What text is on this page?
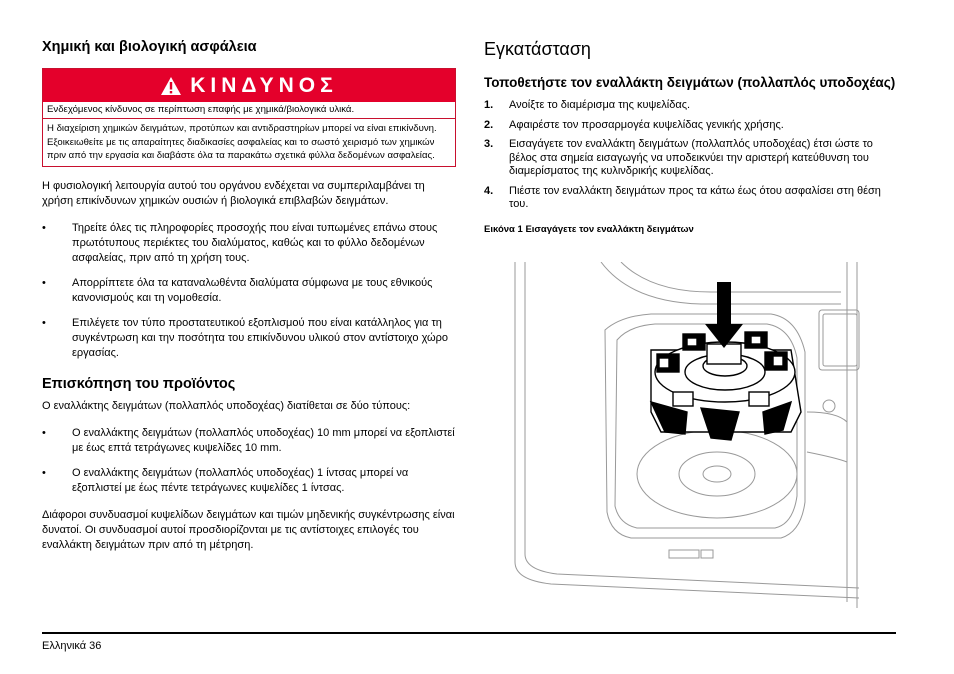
Χημική και βιολογική ασφάλεια
ΚΙΝΔΥΝΟΣ
Ενδεχόμενος κίνδυνος σε περίπτωση επαφής με χημικά/βιολογικά υλικά.
Η διαχείριση χημικών δειγμάτων, προτύπων και αντιδραστηρίων μπορεί να είναι επικίνδυνη. Εξοικειωθείτε με τις απαραίτητες διαδικασίες ασφαλείας και το σωστό χειρισμό των χημικών πριν από την εργασία και διαβάστε όλα τα παρακάτω σχετικά φύλλα δεδομένων ασφαλείας.

Η φυσιολογική λειτουργία αυτού του οργάνου ενδέχεται να συμπεριλαμβάνει τη χρήση επικίνδυνων χημικών ουσιών ή βιολογικά επιβλαβών δειγμάτων.

• Τηρείτε όλες τις πληροφορίες προσοχής που είναι τυπωμένες επάνω στους πρωτότυπους περιέκτες του διαλύματος, καθώς και το φύλλο δεδομένων ασφαλείας, πριν από τη χρήση τους.
• Απορρίπτετε όλα τα καταναλωθέντα διαλύματα σύμφωνα με τους εθνικούς κανονισμούς και τη νομοθεσία.
• Επιλέγετε τον τύπο προστατευτικού εξοπλισμού που είναι κατάλληλος για τη συγκέντρωση και την ποσότητα του επικίνδυνου υλικού στον αντίστοιχο χώρο εργασίας.
Επισκόπηση του προϊόντος

Ο εναλλάκτης δειγμάτων (πολλαπλός υποδοχέας) διατίθεται σε δύο τύπους:

• Ο εναλλάκτης δειγμάτων (πολλαπλός υποδοχέας) 10 mm μπορεί να εξοπλιστεί με έως επτά τετράγωνες κυψελίδες 10 mm.
• Ο εναλλάκτης δειγμάτων (πολλαπλός υποδοχέας) 1 ίντσας μπορεί να εξοπλιστεί με έως πέντε τετράγωνες κυψελίδες 1 ίντσας.

Διάφοροι συνδυασμοί κυψελίδων δειγμάτων και τιμών μηδενικής συγκέντρωσης είναι δυνατοί. Οι συνδυασμοί αυτοί προσδιορίζονται με τις αντίστοιχες επιλογές του εναλλάκτη δειγμάτων πριν από τη μέτρηση.

Εγκατάσταση
Τοποθετήστε τον εναλλάκτη δειγμάτων (πολλαπλός υποδοχέας)
1. Ανοίξτε το διαμέρισμα της κυψελίδας.
2. Αφαιρέστε τον προσαρμογέα κυψελίδας γενικής χρήσης.
3. Εισαγάγετε τον εναλλάκτη δειγμάτων (πολλαπλός υποδοχέας) έτσι ώστε το βέλος στα σημεία εισαγωγής να υποδεικνύει την αριστερή κατεύθυνση του διαμερίσματος της κυλινδρικής κυψελίδας.
4. Πιέστε τον εναλλάκτη δειγμάτων προς τα κάτω έως ότου ασφαλίσει στη θέση του.

Εικόνα 1 Εισαγάγετε τον εναλλάκτη δειγμάτων

Ελληνικά 36
